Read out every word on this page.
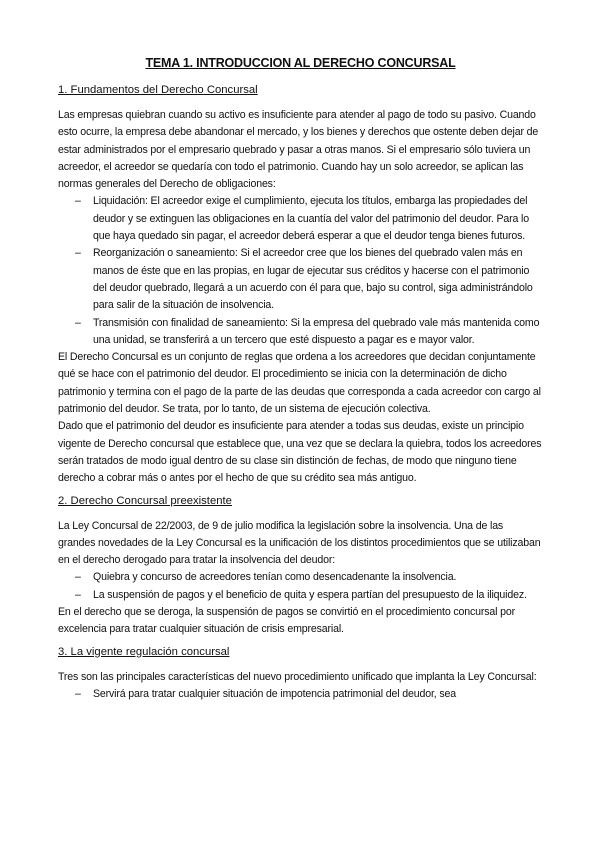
TEMA 1. INTRODUCCION AL DERECHO CONCURSAL
1. Fundamentos del Derecho Concursal

Las empresas quiebran cuando su activo es insuficiente para atender al pago de todo su pasivo. Cuando esto ocurre, la empresa debe abandonar el mercado, y los bienes y derechos que ostente deben dejar de estar administrados por el empresario quebrado y pasar a otras manos. Si el empresario sólo tuviera un acreedor, el acreedor se quedaría con todo el patrimonio. Cuando hay un solo acreedor, se aplican las normas generales del Derecho de obligaciones:

– Liquidación: El acreedor exige el cumplimiento, ejecuta los títulos, embarga las propiedades del deudor y se extinguen las obligaciones en la cuantía del valor del patrimonio del deudor. Para lo que haya quedado sin pagar, el acreedor deberá esperar a que el deudor tenga bienes futuros.
– Reorganización o saneamiento: Si el acreedor cree que los bienes del quebrado valen más en manos de éste que en las propias, en lugar de ejecutar sus créditos y hacerse con el patrimonio del deudor quebrado, llegará a un acuerdo con él para que, bajo su control, siga administrándolo para salir de la situación de insolvencia.
– Transmisión con finalidad de saneamiento: Si la empresa del quebrado vale más mantenida como una unidad, se transferirá a un tercero que esté dispuesto a pagar es e mayor valor.

El Derecho Concursal es un conjunto de reglas que ordena a los acreedores que decidan conjuntamente qué se hace con el patrimonio del deudor. El procedimiento se inicia con la determinación de dicho patrimonio y termina con el pago de la parte de las deudas que corresponda a cada acreedor con cargo al patrimonio del deudor. Se trata, por lo tanto, de un sistema de ejecución colectiva.

Dado que el patrimonio del deudor es insuficiente para atender a todas sus deudas, existe un principio vigente de Derecho concursal que establece que, una vez que se declara la quiebra, todos los acreedores serán tratados de modo igual dentro de su clase sin distinción de fechas, de modo que ninguno tiene derecho a cobrar más o antes por el hecho de que su crédito sea más antiguo.

2. Derecho Concursal preexistente

La Ley Concursal de 22/2003, de 9 de julio modifica la legislación sobre la insolvencia. Una de las grandes novedades de la Ley Concursal es la unificación de los distintos procedimientos que se utilizaban en el derecho derogado para tratar la insolvencia del deudor:

– Quiebra y concurso de acreedores tenían como desencadenante la insolvencia.
– La suspensión de pagos y el beneficio de quita y espera partían del presupuesto de la iliquidez.

En el derecho que se deroga, la suspensión de pagos se convirtió en el procedimiento concursal por excelencia para tratar cualquier situación de crisis empresarial.

3. La vigente regulación concursal

Tres son las principales características del nuevo procedimiento unificado que implanta la Ley Concursal:

– Servirá para tratar cualquier situación de impotencia patrimonial del deudor, sea
